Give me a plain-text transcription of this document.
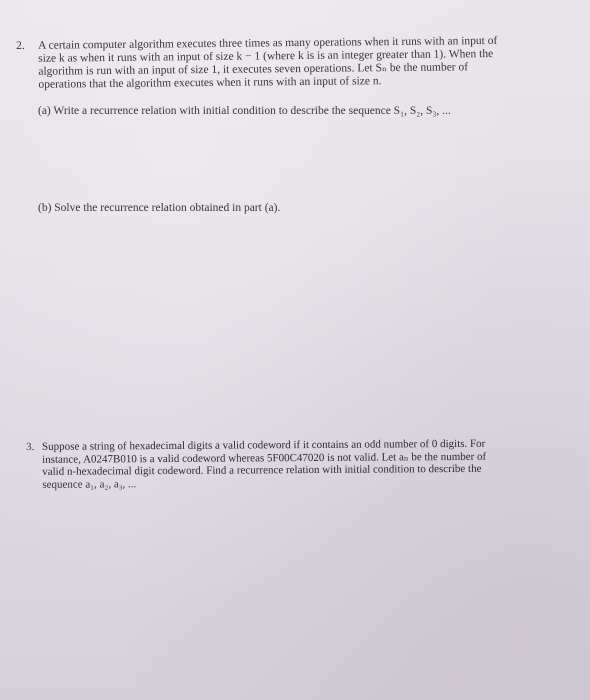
2. A certain computer algorithm executes three times as many operations when it runs with an input of
size k as when it runs with an input of size k − 1 (where k is is an integer greater than 1). When the
algorithm is run with an input of size 1, it executes seven operations. Let Sₙ be the number of
operations that the algorithm executes when it runs with an input of size n.
(a) Write a recurrence relation with initial condition to describe the sequence S₁, S₂, S₃, ...
(b) Solve the recurrence relation obtained in part (a).
3. Suppose a string of hexadecimal digits a valid codeword if it contains an odd number of 0 digits. For
instance, A0247B010 is a valid codeword whereas 5F00C47020 is not valid. Let aₙ be the number of
valid n-hexadecimal digit codeword. Find a recurrence relation with initial condition to describe the
sequence a₁, a₂, a₃, ...
